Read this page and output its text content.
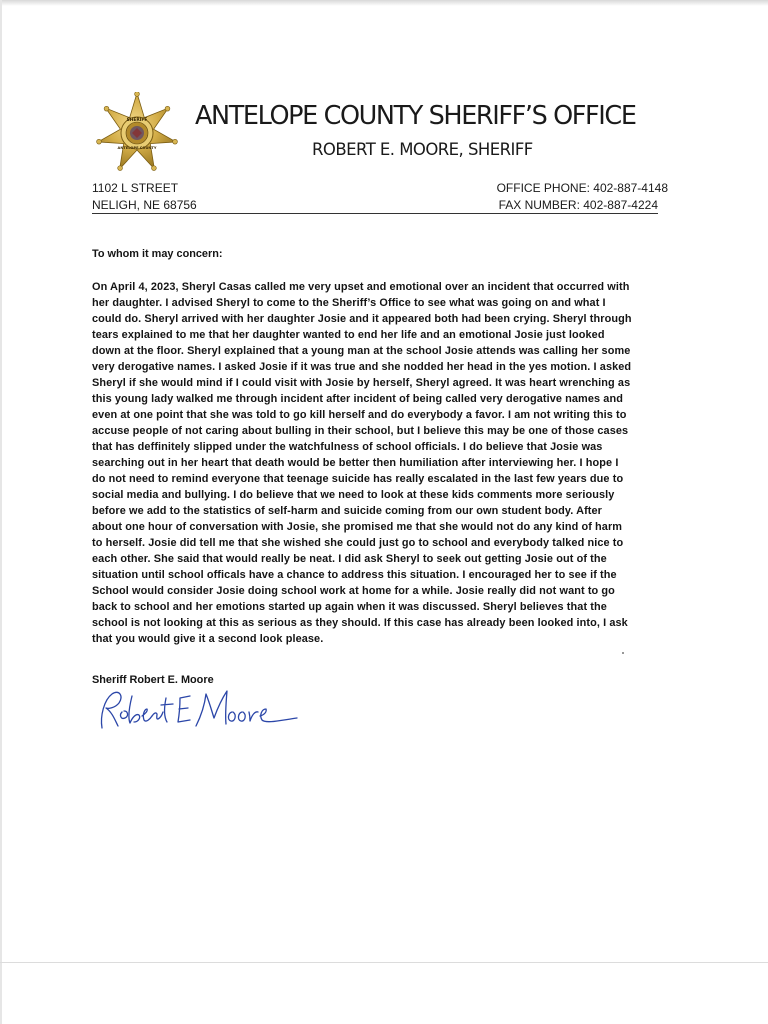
SHERIFF
ANTELOPE COUNTY
ANTELOPE COUNTY SHERIFF’S OFFICE
ROBERT E. MOORE, SHERIFF
1102 L STREET
NELIGH, NE 68756
OFFICE PHONE: 402-887-4148
FAX NUMBER: 402-887-4224
To whom it may concern:
On April 4, 2023, Sheryl Casas called me very upset and emotional over an incident that occurred with
her daughter. I advised Sheryl to come to the Sheriff’s Office to see what was going on and what I
could do. Sheryl arrived with her daughter Josie and it appeared both had been crying. Sheryl through
tears explained to me that her daughter wanted to end her life and an emotional Josie just looked
down at the floor. Sheryl explained that a young man at the school Josie attends was calling her some
very derogative names. I asked Josie if it was true and she nodded her head in the yes motion. I asked
Sheryl if she would mind if I could visit with Josie by herself, Sheryl agreed. It was heart wrenching as
this young lady walked me through incident after incident of being called very derogative names and
even at one point that she was told to go kill herself and do everybody a favor. I am not writing this to
accuse people of not caring about bulling in their school, but I believe this may be one of those cases
that has deffinitely slipped under the watchfulness of school officials. I do believe that Josie was
searching out in her heart that death would be better then humiliation after interviewing her. I hope I
do not need to remind everyone that teenage suicide has really escalated in the last few years due to
social media and bullying. I do believe that we need to look at these kids comments more seriously
before we add to the statistics of self-harm and suicide coming from our own student body. After
about one hour of conversation with Josie, she promised me that she would not do any kind of harm
to herself. Josie did tell me that she wished she could just go to school and everybody talked nice to
each other. She said that would really be neat. I did ask Sheryl to seek out getting Josie out of the
situation until school officals have a chance to address this situation. I encouraged her to see if the
School would consider Josie doing school work at home for a while. Josie really did not want to go
back to school and her emotions started up again when it was discussed. Sheryl believes that the
school is not looking at this as serious as they should. If this case has already been looked into, I ask
that you would give it a second look please.
Sheriff Robert E. Moore
Robert E Moore
